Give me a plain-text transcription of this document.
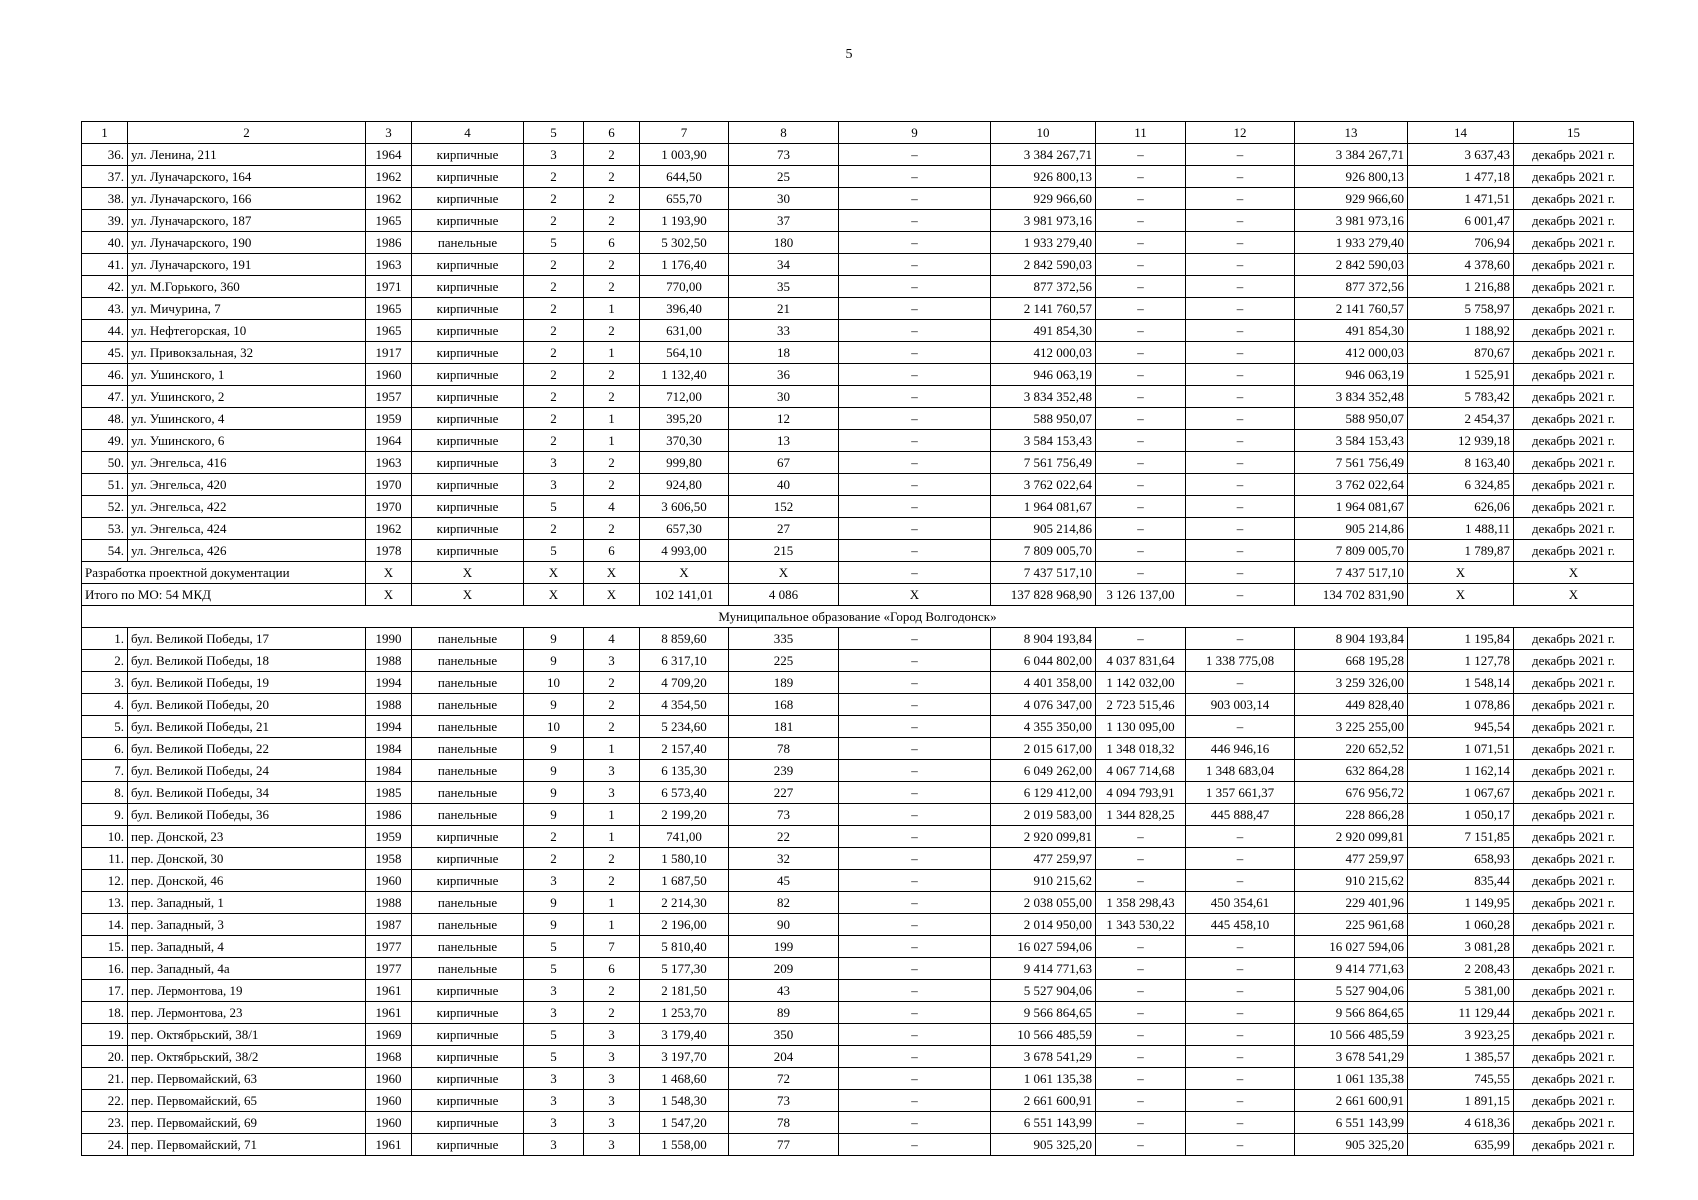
5
1	2	3	4	5	6	7	8	9	10	11	12	13	14	15
36.	ул. Ленина, 211	1964	кирпичные	3	2	1 003,90	73	–	3 384 267,71	–	–	3 384 267,71	3 637,43	декабрь 2021 г.
37.	ул. Луначарского, 164	1962	кирпичные	2	2	644,50	25	–	926 800,13	–	–	926 800,13	1 477,18	декабрь 2021 г.
38.	ул. Луначарского, 166	1962	кирпичные	2	2	655,70	30	–	929 966,60	–	–	929 966,60	1 471,51	декабрь 2021 г.
39.	ул. Луначарского, 187	1965	кирпичные	2	2	1 193,90	37	–	3 981 973,16	–	–	3 981 973,16	6 001,47	декабрь 2021 г.
40.	ул. Луначарского, 190	1986	панельные	5	6	5 302,50	180	–	1 933 279,40	–	–	1 933 279,40	706,94	декабрь 2021 г.
41.	ул. Луначарского, 191	1963	кирпичные	2	2	1 176,40	34	–	2 842 590,03	–	–	2 842 590,03	4 378,60	декабрь 2021 г.
42.	ул. М.Горького, 360	1971	кирпичные	2	2	770,00	35	–	877 372,56	–	–	877 372,56	1 216,88	декабрь 2021 г.
43.	ул. Мичурина, 7	1965	кирпичные	2	1	396,40	21	–	2 141 760,57	–	–	2 141 760,57	5 758,97	декабрь 2021 г.
44.	ул. Нефтегорская, 10	1965	кирпичные	2	2	631,00	33	–	491 854,30	–	–	491 854,30	1 188,92	декабрь 2021 г.
45.	ул. Привокзальная, 32	1917	кирпичные	2	1	564,10	18	–	412 000,03	–	–	412 000,03	870,67	декабрь 2021 г.
46.	ул. Ушинского, 1	1960	кирпичные	2	2	1 132,40	36	–	946 063,19	–	–	946 063,19	1 525,91	декабрь 2021 г.
47.	ул. Ушинского, 2	1957	кирпичные	2	2	712,00	30	–	3 834 352,48	–	–	3 834 352,48	5 783,42	декабрь 2021 г.
48.	ул. Ушинского, 4	1959	кирпичные	2	1	395,20	12	–	588 950,07	–	–	588 950,07	2 454,37	декабрь 2021 г.
49.	ул. Ушинского, 6	1964	кирпичные	2	1	370,30	13	–	3 584 153,43	–	–	3 584 153,43	12 939,18	декабрь 2021 г.
50.	ул. Энгельса, 416	1963	кирпичные	3	2	999,80	67	–	7 561 756,49	–	–	7 561 756,49	8 163,40	декабрь 2021 г.
51.	ул. Энгельса, 420	1970	кирпичные	3	2	924,80	40	–	3 762 022,64	–	–	3 762 022,64	6 324,85	декабрь 2021 г.
52.	ул. Энгельса, 422	1970	кирпичные	5	4	3 606,50	152	–	1 964 081,67	–	–	1 964 081,67	626,06	декабрь 2021 г.
53.	ул. Энгельса, 424	1962	кирпичные	2	2	657,30	27	–	905 214,86	–	–	905 214,86	1 488,11	декабрь 2021 г.
54.	ул. Энгельса, 426	1978	кирпичные	5	6	4 993,00	215	–	7 809 005,70	–	–	7 809 005,70	1 789,87	декабрь 2021 г.
Разработка проектной документации		X	X	X	X	X	X	–	7 437 517,10	–	–	7 437 517,10	X	X
Итого по МО: 54 МКД		X	X	X	X	102 141,01	4 086	X	137 828 968,90	3 126 137,00	–	134 702 831,90	X	X
Муниципальное образование «Город Волгодонск»														
1.	бул. Великой Победы, 17	1990	панельные	9	4	8 859,60	335	–	8 904 193,84	–	–	8 904 193,84	1 195,84	декабрь 2021 г.
2.	бул. Великой Победы, 18	1988	панельные	9	3	6 317,10	225	–	6 044 802,00	4 037 831,64	1 338 775,08	668 195,28	1 127,78	декабрь 2021 г.
3.	бул. Великой Победы, 19	1994	панельные	10	2	4 709,20	189	–	4 401 358,00	1 142 032,00	–	3 259 326,00	1 548,14	декабрь 2021 г.
4.	бул. Великой Победы, 20	1988	панельные	9	2	4 354,50	168	–	4 076 347,00	2 723 515,46	903 003,14	449 828,40	1 078,86	декабрь 2021 г.
5.	бул. Великой Победы, 21	1994	панельные	10	2	5 234,60	181	–	4 355 350,00	1 130 095,00	–	3 225 255,00	945,54	декабрь 2021 г.
6.	бул. Великой Победы, 22	1984	панельные	9	1	2 157,40	78	–	2 015 617,00	1 348 018,32	446 946,16	220 652,52	1 071,51	декабрь 2021 г.
7.	бул. Великой Победы, 24	1984	панельные	9	3	6 135,30	239	–	6 049 262,00	4 067 714,68	1 348 683,04	632 864,28	1 162,14	декабрь 2021 г.
8.	бул. Великой Победы, 34	1985	панельные	9	3	6 573,40	227	–	6 129 412,00	4 094 793,91	1 357 661,37	676 956,72	1 067,67	декабрь 2021 г.
9.	бул. Великой Победы, 36	1986	панельные	9	1	2 199,20	73	–	2 019 583,00	1 344 828,25	445 888,47	228 866,28	1 050,17	декабрь 2021 г.
10.	пер. Донской, 23	1959	кирпичные	2	1	741,00	22	–	2 920 099,81	–	–	2 920 099,81	7 151,85	декабрь 2021 г.
11.	пер. Донской, 30	1958	кирпичные	2	2	1 580,10	32	–	477 259,97	–	–	477 259,97	658,93	декабрь 2021 г.
12.	пер. Донской, 46	1960	кирпичные	3	2	1 687,50	45	–	910 215,62	–	–	910 215,62	835,44	декабрь 2021 г.
13.	пер. Западный, 1	1988	панельные	9	1	2 214,30	82	–	2 038 055,00	1 358 298,43	450 354,61	229 401,96	1 149,95	декабрь 2021 г.
14.	пер. Западный, 3	1987	панельные	9	1	2 196,00	90	–	2 014 950,00	1 343 530,22	445 458,10	225 961,68	1 060,28	декабрь 2021 г.
15.	пер. Западный, 4	1977	панельные	5	7	5 810,40	199	–	16 027 594,06	–	–	16 027 594,06	3 081,28	декабрь 2021 г.
16.	пер. Западный, 4а	1977	панельные	5	6	5 177,30	209	–	9 414 771,63	–	–	9 414 771,63	2 208,43	декабрь 2021 г.
17.	пер. Лермонтова, 19	1961	кирпичные	3	2	2 181,50	43	–	5 527 904,06	–	–	5 527 904,06	5 381,00	декабрь 2021 г.
18.	пер. Лермонтова, 23	1961	кирпичные	3	2	1 253,70	89	–	9 566 864,65	–	–	9 566 864,65	11 129,44	декабрь 2021 г.
19.	пер. Октябрьский, 38/1	1969	кирпичные	5	3	3 179,40	350	–	10 566 485,59	–	–	10 566 485,59	3 923,25	декабрь 2021 г.
20.	пер. Октябрьский, 38/2	1968	кирпичные	5	3	3 197,70	204	–	3 678 541,29	–	–	3 678 541,29	1 385,57	декабрь 2021 г.
21.	пер. Первомайский, 63	1960	кирпичные	3	3	1 468,60	72	–	1 061 135,38	–	–	1 061 135,38	745,55	декабрь 2021 г.
22.	пер. Первомайский, 65	1960	кирпичные	3	3	1 548,30	73	–	2 661 600,91	–	–	2 661 600,91	1 891,15	декабрь 2021 г.
23.	пер. Первомайский, 69	1960	кирпичные	3	3	1 547,20	78	–	6 551 143,99	–	–	6 551 143,99	4 618,36	декабрь 2021 г.
24.	пер. Первомайский, 71	1961	кирпичные	3	3	1 558,00	77	–	905 325,20	–	–	905 325,20	635,99	декабрь 2021 г.
